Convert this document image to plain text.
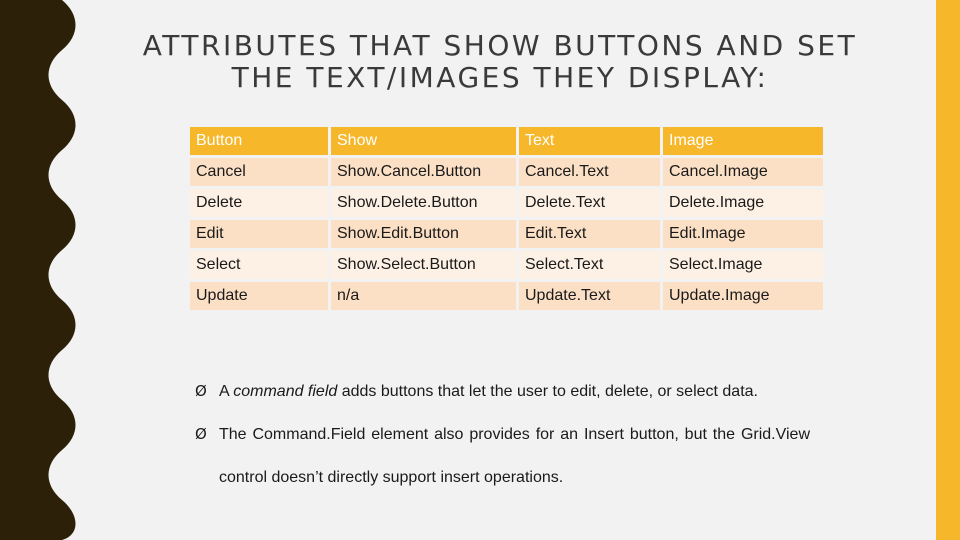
ATTRIBUTES THAT SHOW BUTTONS AND SET
THE TEXT/IMAGES THEY DISPLAY:
Button	Show	Text	Image
Cancel	Show.Cancel.Button	Cancel.Text	Cancel.Image
Delete	Show.Delete.Button	Delete.Text	Delete.Image
Edit	Show.Edit.Button	Edit.Text	Edit.Image
Select	Show.Select.Button	Select.Text	Select.Image
Update	n/a	Update.Text	Update.Image
Ø A command field adds buttons that let the user to edit, delete, or select data.
Ø The Command.Field element also provides for an Insert button, but the Grid.View control doesn’t directly support insert operations.
